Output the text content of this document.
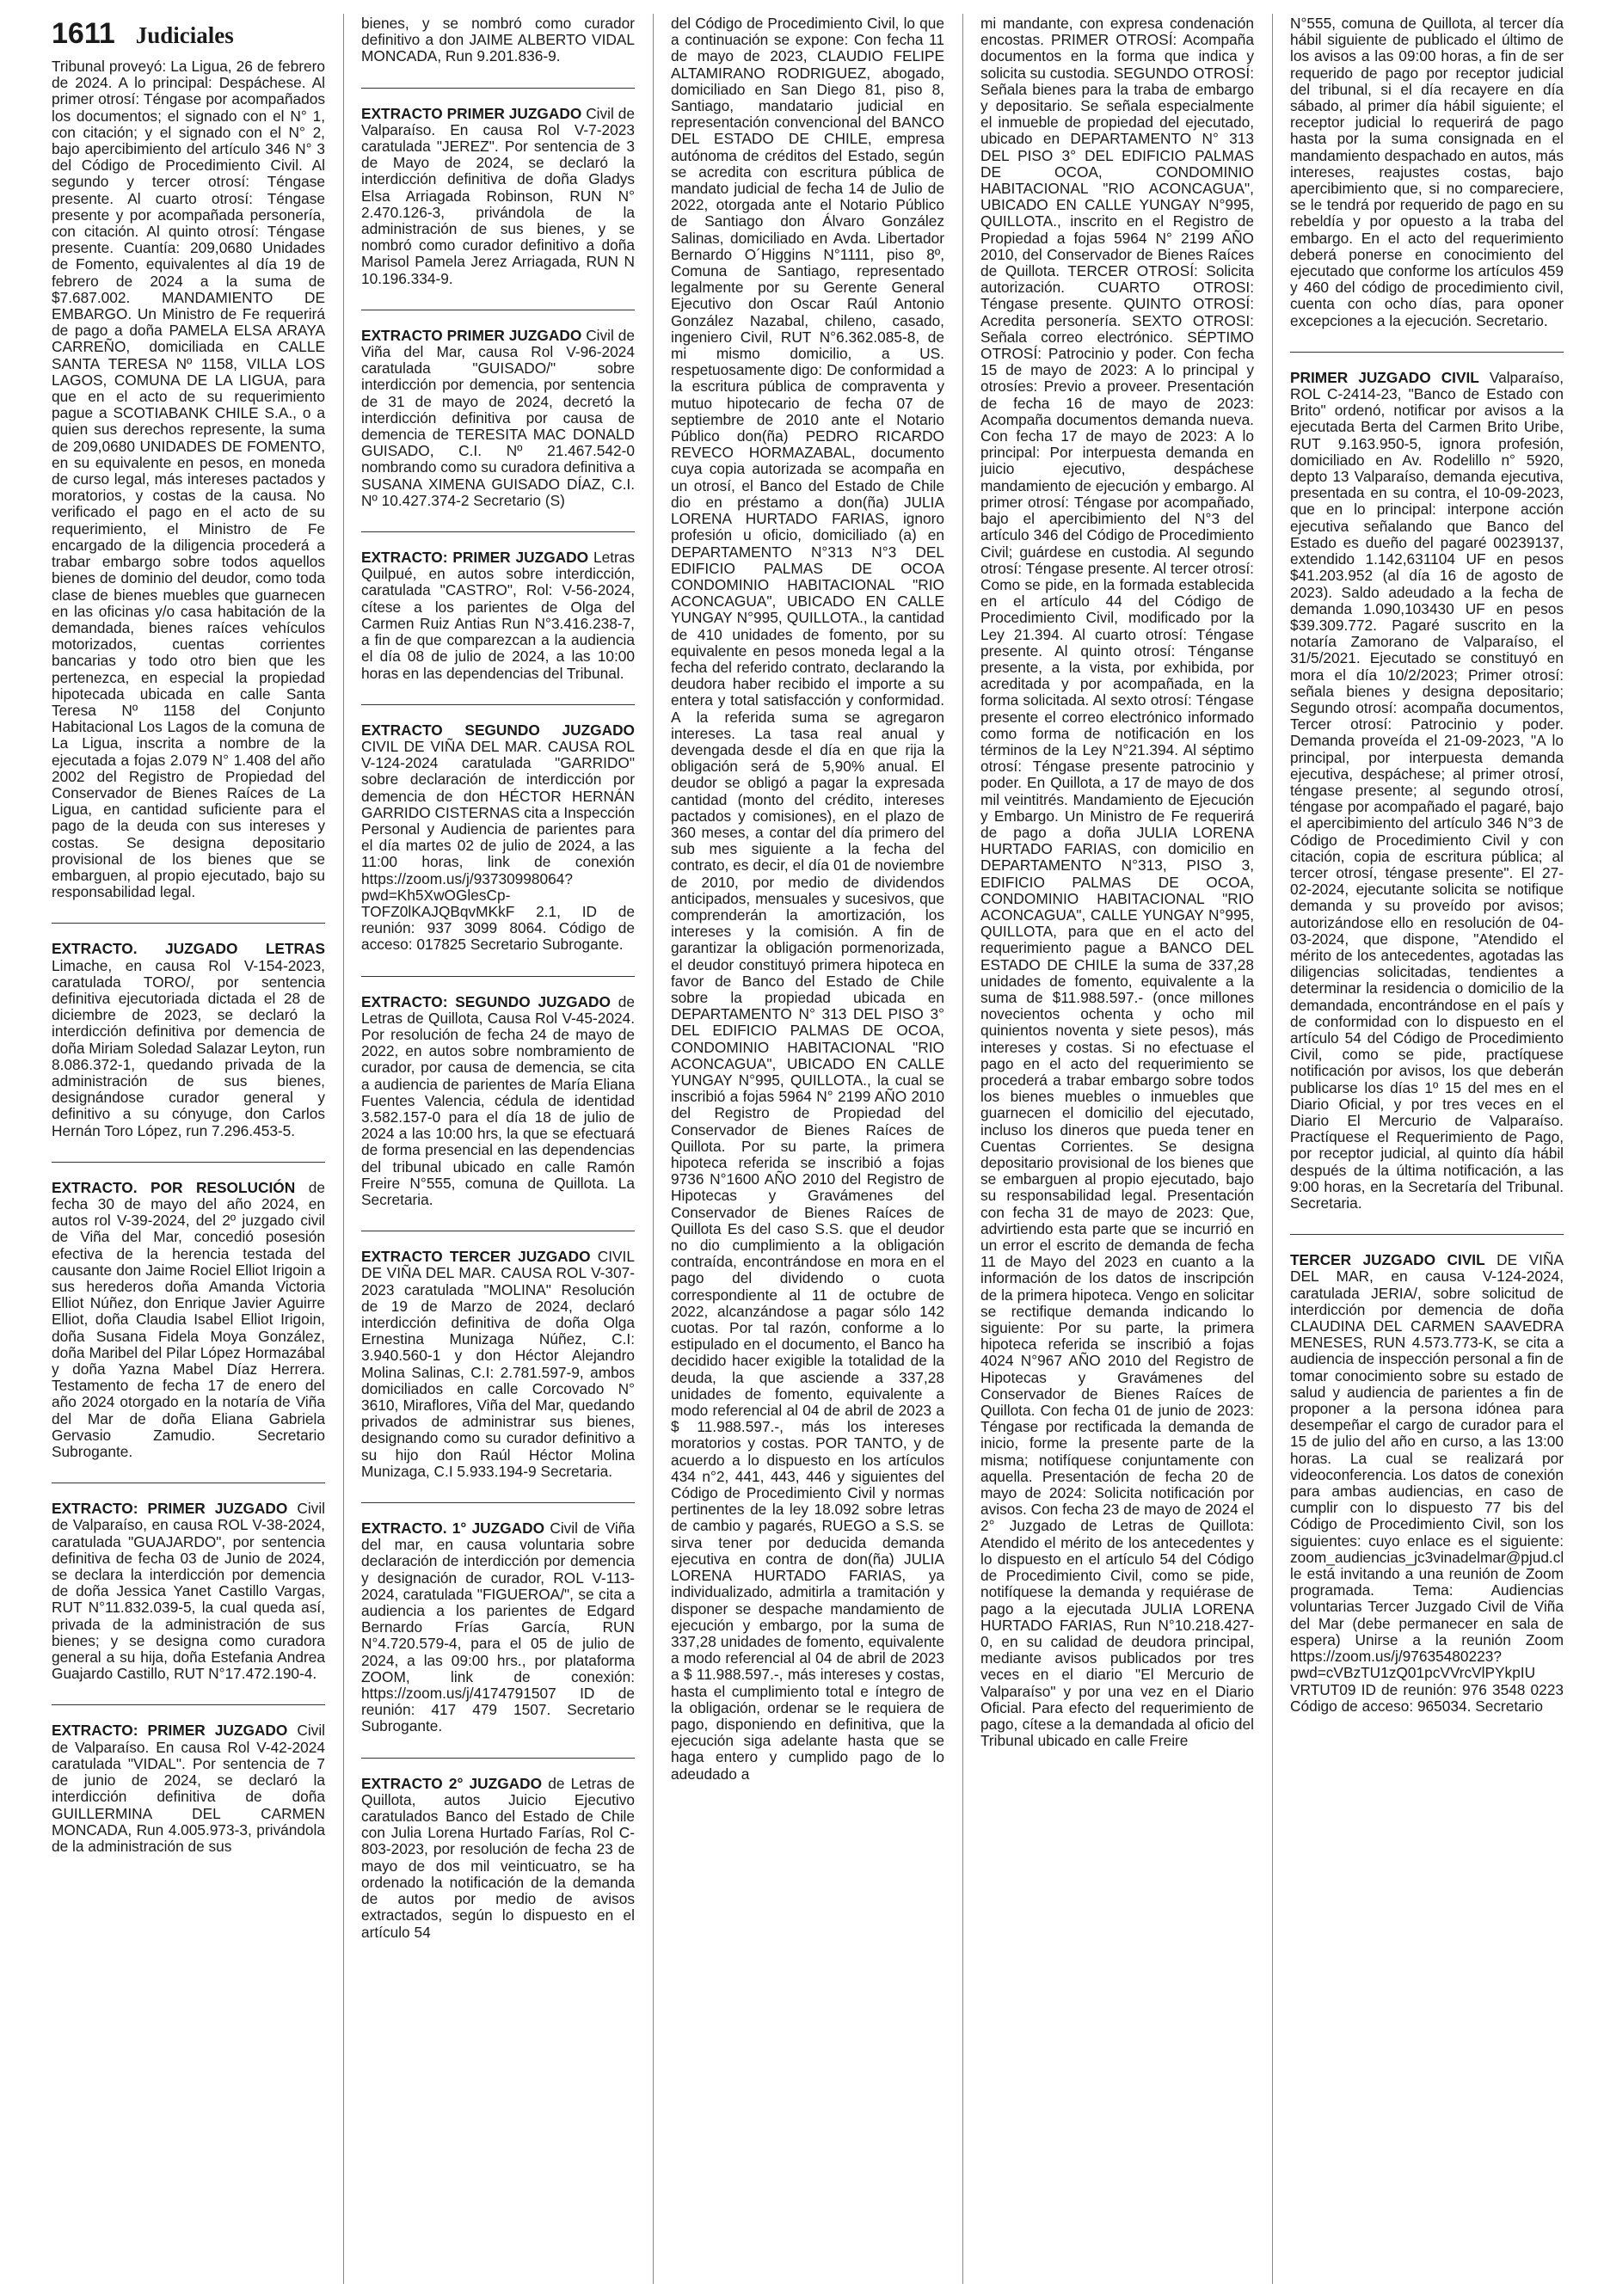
1611 Judiciales

Tribunal proveyó: La Ligua, 26 de febrero de 2024. A lo principal: Despáchese. Al primer otrosí: Téngase por acompañados los documentos; el signado con el N° 1, con citación; y el signado con el N° 2, bajo apercibimiento del artículo 346 N° 3 del Código de Procedimiento Civil. Al segundo y tercer otrosí: Téngase presente. Al cuarto otrosí: Téngase presente y por acompañada personería, con citación. Al quinto otrosí: Téngase presente. Cuantía: 209,0680 Unidades de Fomento, equivalentes al día 19 de febrero de 2024 a la suma de $7.687.002. MANDAMIENTO DE EMBARGO. Un Ministro de Fe requerirá de pago a doña PAMELA ELSA ARAYA CARREÑO, domiciliada en CALLE SANTA TERESA Nº 1158, VILLA LOS LAGOS, COMUNA DE LA LIGUA, para que en el acto de su requerimiento pague a SCOTIABANK CHILE S.A., o a quien sus derechos represente, la suma de 209,0680 UNIDADES DE FOMENTO, en su equivalente en pesos, en moneda de curso legal, más intereses pactados y moratorios, y costas de la causa. No verificado el pago en el acto de su requerimiento, el Ministro de Fe encargado de la diligencia procederá a trabar embargo sobre todos aquellos bienes de dominio del deudor, como toda clase de bienes muebles que guarnecen en las oficinas y/o casa habitación de la demandada, bienes raíces vehículos motorizados, cuentas corrientes bancarias y todo otro bien que les pertenezca, en especial la propiedad hipotecada ubicada en calle Santa Teresa Nº 1158 del Conjunto Habitacional Los Lagos de la comuna de La Ligua, inscrita a nombre de la ejecutada a fojas 2.079 N° 1.408 del año 2002 del Registro de Propiedad del Conservador de Bienes Raíces de La Ligua, en cantidad suficiente para el pago de la deuda con sus intereses y costas. Se designa depositario provisional de los bienes que se embarguen, al propio ejecutado, bajo su responsabilidad legal.

EXTRACTO. JUZGADO LETRAS Limache, en causa Rol V-154-2023, caratulada TORO/, por sentencia definitiva ejecutoriada dictada el 28 de diciembre de 2023, se declaró la interdicción definitiva por demencia de doña Miriam Soledad Salazar Leyton, run 8.086.372-1, quedando privada de la administración de sus bienes, designándose curador general y definitivo a su cónyuge, don Carlos Hernán Toro López, run 7.296.453-5.

EXTRACTO. POR RESOLUCIÓN de fecha 30 de mayo del año 2024, en autos rol V-39-2024, del 2º juzgado civil de Viña del Mar, concedió posesión efectiva de la herencia testada del causante don Jaime Rociel Elliot Irigoin a sus herederos doña Amanda Victoria Elliot Núñez, don Enrique Javier Aguirre Elliot, doña Claudia Isabel Elliot Irigoin, doña Susana Fidela Moya González, doña Maribel del Pilar López Hormazábal y doña Yazna Mabel Díaz Herrera. Testamento de fecha 17 de enero del año 2024 otorgado en la notaría de Viña del Mar de doña Eliana Gabriela Gervasio Zamudio. Secretario Subrogante.

EXTRACTO: PRIMER JUZGADO Civil de Valparaíso, en causa ROL V-38-2024, caratulada "GUAJARDO", por sentencia definitiva de fecha 03 de Junio de 2024, se declara la interdicción por demencia de doña Jessica Yanet Castillo Vargas, RUT N°11.832.039-5, la cual queda así, privada de la administración de sus bienes; y se designa como curadora general a su hija, doña Estefania Andrea Guajardo Castillo, RUT N°17.472.190-4.

EXTRACTO: PRIMER JUZGADO Civil de Valparaíso. En causa Rol V-42-2024 caratulada "VIDAL". Por sentencia de 7 de junio de 2024, se declaró la interdicción definitiva de doña GUILLERMINA DEL CARMEN MONCADA, Run 4.005.973-3, privándola de la administración de sus

bienes, y se nombró como curador definitivo a don JAIME ALBERTO VIDAL MONCADA, Run 9.201.836-9.

EXTRACTO PRIMER JUZGADO Civil de Valparaíso. En causa Rol V-7-2023 caratulada "JEREZ". Por sentencia de 3 de Mayo de 2024, se declaró la interdicción definitiva de doña Gladys Elsa Arriagada Robinson, RUN N° 2.470.126-3, privándola de la administración de sus bienes, y se nombró como curador definitivo a doña Marisol Pamela Jerez Arriagada, RUN N 10.196.334-9.

EXTRACTO PRIMER JUZGADO Civil de Viña del Mar, causa Rol V-96-2024 caratulada "GUISADO/" sobre interdicción por demencia, por sentencia de 31 de mayo de 2024, decretó la interdicción definitiva por causa de demencia de TERESITA MAC DONALD GUISADO, C.I. Nº 21.467.542-0 nombrando como su curadora definitiva a SUSANA XIMENA GUISADO DÍAZ, C.I. Nº 10.427.374-2 Secretario (S)

EXTRACTO: PRIMER JUZGADO Letras Quilpué, en autos sobre interdicción, caratulada "CASTRO", Rol: V-56-2024, cítese a los parientes de Olga del Carmen Ruiz Antias Run N°3.416.238-7, a fin de que comparezcan a la audiencia el día 08 de julio de 2024, a las 10:00 horas en las dependencias del Tribunal.

EXTRACTO SEGUNDO JUZGADO CIVIL DE VIÑA DEL MAR. CAUSA ROL V-124-2024 caratulada "GARRIDO" sobre declaración de interdicción por demencia de don HÉCTOR HERNÁN GARRIDO CISTERNAS cita a Inspección Personal y Audiencia de parientes para el día martes 02 de julio de 2024, a las 11:00 horas, link de conexión https://zoom.us/j/93730998064?pwd=Kh5XwOGlesCp-TOFZ0lKAJQBqvMKkF 2.1, ID de reunión: 937 3099 8064. Código de acceso: 017825 Secretario Subrogante.

EXTRACTO: SEGUNDO JUZGADO de Letras de Quillota, Causa Rol V-45-2024. Por resolución de fecha 24 de mayo de 2022, en autos sobre nombramiento de curador, por causa de demencia, se cita a audiencia de parientes de María Eliana Fuentes Valencia, cédula de identidad 3.582.157-0 para el día 18 de julio de 2024 a las 10:00 hrs, la que se efectuará de forma presencial en las dependencias del tribunal ubicado en calle Ramón Freire N°555, comuna de Quillota. La Secretaria.

EXTRACTO TERCER JUZGADO CIVIL DE VIÑA DEL MAR. CAUSA ROL V-307-2023 caratulada "MOLINA" Resolución de 19 de Marzo de 2024, declaró interdicción definitiva de doña Olga Ernestina Munizaga Núñez, C.I: 3.940.560-1 y don Héctor Alejandro Molina Salinas, C.I: 2.781.597-9, ambos domiciliados en calle Corcovado N° 3610, Miraflores, Viña del Mar, quedando privados de administrar sus bienes, designando como su curador definitivo a su hijo don Raúl Héctor Molina Munizaga, C.I 5.933.194-9 Secretaria.

EXTRACTO. 1° JUZGADO Civil de Viña del mar, en causa voluntaria sobre declaración de interdicción por demencia y designación de curador, ROL V-113-2024, caratulada "FIGUEROA/", se cita a audiencia a los parientes de Edgard Bernardo Frías García, RUN N°4.720.579-4, para el 05 de julio de 2024, a las 09:00 hrs., por plataforma ZOOM, link de conexión: https://zoom.us/j/4174791507 ID de reunión: 417 479 1507. Secretario Subrogante.

EXTRACTO 2° JUZGADO de Letras de Quillota, autos Juicio Ejecutivo caratulados Banco del Estado de Chile con Julia Lorena Hurtado Farías, Rol C-803-2023, por resolución de fecha 23 de mayo de dos mil veinticuatro, se ha ordenado la notificación de la demanda de autos por medio de avisos extractados, según lo dispuesto en el artículo 54

del Código de Procedimiento Civil, lo que a continuación se expone: Con fecha 11 de mayo de 2023, CLAUDIO FELIPE ALTAMIRANO RODRIGUEZ, abogado, domiciliado en San Diego 81, piso 8, Santiago, mandatario judicial en representación convencional del BANCO DEL ESTADO DE CHILE, empresa autónoma de créditos del Estado, según se acredita con escritura pública de mandato judicial de fecha 14 de Julio de 2022, otorgada ante el Notario Público de Santiago don Álvaro González Salinas, domiciliado en Avda. Libertador Bernardo O´Higgins N°1111, piso 8º, Comuna de Santiago, representado legalmente por su Gerente General Ejecutivo don Oscar Raúl Antonio González Nazabal, chileno, casado, ingeniero Civil, RUT N°6.362.085-8, de mi mismo domicilio, a US. respetuosamente digo: De conformidad a la escritura pública de compraventa y mutuo hipotecario de fecha 07 de septiembre de 2010 ante el Notario Público don(ña) PEDRO RICARDO REVECO HORMAZABAL, documento cuya copia autorizada se acompaña en un otrosí, el Banco del Estado de Chile dio en préstamo a don(ña) JULIA LORENA HURTADO FARIAS, ignoro profesión u oficio, domiciliado (a) en DEPARTAMENTO N°313 N°3 DEL EDIFICIO PALMAS DE OCOA CONDOMINIO HABITACIONAL "RIO ACONCAGUA", UBICADO EN CALLE YUNGAY N°995, QUILLOTA., la cantidad de 410 unidades de fomento, por su equivalente en pesos moneda legal a la fecha del referido contrato, declarando la deudora haber recibido el importe a su entera y total satisfacción y conformidad. A la referida suma se agregaron intereses. La tasa real anual y devengada desde el día en que rija la obligación será de 5,90% anual. El deudor se obligó a pagar la expresada cantidad (monto del crédito, intereses pactados y comisiones), en el plazo de 360 meses, a contar del día primero del sub mes siguiente a la fecha del contrato, es decir, el día 01 de noviembre de 2010, por medio de dividendos anticipados, mensuales y sucesivos, que comprenderán la amortización, los intereses y la comisión. A fin de garantizar la obligación pormenorizada, el deudor constituyó primera hipoteca en favor de Banco del Estado de Chile sobre la propiedad ubicada en DEPARTAMENTO N° 313 DEL PISO 3° DEL EDIFICIO PALMAS DE OCOA, CONDOMINIO HABITACIONAL "RIO ACONCAGUA", UBICADO EN CALLE YUNGAY N°995, QUILLOTA., la cual se inscribió a fojas 5964 N° 2199 AÑO 2010 del Registro de Propiedad del Conservador de Bienes Raíces de Quillota. Por su parte, la primera hipoteca referida se inscribió a fojas 9736 N°1600 AÑO 2010 del Registro de Hipotecas y Gravámenes del Conservador de Bienes Raíces de Quillota Es del caso S.S. que el deudor no dio cumplimiento a la obligación contraída, encontrándose en mora en el pago del dividendo o cuota correspondiente al 11 de octubre de 2022, alcanzándose a pagar sólo 142 cuotas. Por tal razón, conforme a lo estipulado en el documento, el Banco ha decidido hacer exigible la totalidad de la deuda, la que asciende a 337,28 unidades de fomento, equivalente a modo referencial al 04 de abril de 2023 a $ 11.988.597.-, más los intereses moratorios y costas. POR TANTO, y de acuerdo a lo dispuesto en los artículos 434 n°2, 441, 443, 446 y siguientes del Código de Procedimiento Civil y normas pertinentes de la ley 18.092 sobre letras de cambio y pagarés, RUEGO a S.S. se sirva tener por deducida demanda ejecutiva en contra de don(ña) JULIA LORENA HURTADO FARIAS, ya individualizado, admitirla a tramitación y disponer se despache mandamiento de ejecución y embargo, por la suma de 337,28 unidades de fomento, equivalente a modo referencial al 04 de abril de 2023 a $ 11.988.597.-, más intereses y costas, hasta el cumplimiento total e íntegro de la obligación, ordenar se le requiera de pago, disponiendo en definitiva, que la ejecución siga adelante hasta que se haga entero y cumplido pago de lo adeudado a

mi mandante, con expresa condenación encostas. PRIMER OTROSÍ: Acompaña documentos en la forma que indica y solicita su custodia. SEGUNDO OTROSÍ: Señala bienes para la traba de embargo y depositario. Se señala especialmente el inmueble de propiedad del ejecutado, ubicado en DEPARTAMENTO N° 313 DEL PISO 3° DEL EDIFICIO PALMAS DE OCOA, CONDOMINIO HABITACIONAL "RIO ACONCAGUA", UBICADO EN CALLE YUNGAY N°995, QUILLOTA., inscrito en el Registro de Propiedad a fojas 5964 N° 2199 AÑO 2010, del Conservador de Bienes Raíces de Quillota. TERCER OTROSÍ: Solicita autorización. CUARTO OTROSI: Téngase presente. QUINTO OTROSÍ: Acredita personería. SEXTO OTROSI: Señala correo electrónico. SÉPTIMO OTROSÍ: Patrocinio y poder. Con fecha 15 de mayo de 2023: A lo principal y otrosíes: Previo a proveer. Presentación de fecha 16 de mayo de 2023: Acompaña documentos demanda nueva. Con fecha 17 de mayo de 2023: A lo principal: Por interpuesta demanda en juicio ejecutivo, despáchese mandamiento de ejecución y embargo. Al primer otrosí: Téngase por acompañado, bajo el apercibimiento del N°3 del artículo 346 del Código de Procedimiento Civil; guárdese en custodia. Al segundo otrosí: Téngase presente. Al tercer otrosí: Como se pide, en la formada establecida en el artículo 44 del Código de Procedimiento Civil, modificado por la Ley 21.394. Al cuarto otrosí: Téngase presente. Al quinto otrosí: Ténganse presente, a la vista, por exhibida, por acreditada y por acompañada, en la forma solicitada. Al sexto otrosí: Téngase presente el correo electrónico informado como forma de notificación en los términos de la Ley N°21.394. Al séptimo otrosí: Téngase presente patrocinio y poder. En Quillota, a 17 de mayo de dos mil veintitrés. Mandamiento de Ejecución y Embargo. Un Ministro de Fe requerirá de pago a doña JULIA LORENA HURTADO FARIAS, con domicilio en DEPARTAMENTO N°313, PISO 3, EDIFICIO PALMAS DE OCOA, CONDOMINIO HABITACIONAL "RIO ACONCAGUA", CALLE YUNGAY N°995, QUILLOTA, para que en el acto del requerimiento pague a BANCO DEL ESTADO DE CHILE la suma de 337,28 unidades de fomento, equivalente a la suma de $11.988.597.- (once millones novecientos ochenta y ocho mil quinientos noventa y siete pesos), más intereses y costas. Si no efectuase el pago en el acto del requerimiento se procederá a trabar embargo sobre todos los bienes muebles o inmuebles que guarnecen el domicilio del ejecutado, incluso los dineros que pueda tener en Cuentas Corrientes. Se designa depositario provisional de los bienes que se embarguen al propio ejecutado, bajo su responsabilidad legal. Presentación con fecha 31 de mayo de 2023: Que, advirtiendo esta parte que se incurrió en un error el escrito de demanda de fecha 11 de Mayo del 2023 en cuanto a la información de los datos de inscripción de la primera hipoteca. Vengo en solicitar se rectifique demanda indicando lo siguiente: Por su parte, la primera hipoteca referida se inscribió a fojas 4024 N°967 AÑO 2010 del Registro de Hipotecas y Gravámenes del Conservador de Bienes Raíces de Quillota. Con fecha 01 de junio de 2023: Téngase por rectificada la demanda de inicio, forme la presente parte de la misma; notifíquese conjuntamente con aquella. Presentación de fecha 20 de mayo de 2024: Solicita notificación por avisos. Con fecha 23 de mayo de 2024 el 2° Juzgado de Letras de Quillota: Atendido el mérito de los antecedentes y lo dispuesto en el artículo 54 del Código de Procedimiento Civil, como se pide, notifíquese la demanda y requiérase de pago a la ejecutada JULIA LORENA HURTADO FARIAS, Run N°10.218.427-0, en su calidad de deudora principal, mediante avisos publicados por tres veces en el diario "El Mercurio de Valparaíso" y por una vez en el Diario Oficial. Para efecto del requerimiento de pago, cítese a la demandada al oficio del Tribunal ubicado en calle Freire

N°555, comuna de Quillota, al tercer día hábil siguiente de publicado el último de los avisos a las 09:00 horas, a fin de ser requerido de pago por receptor judicial del tribunal, si el día recayere en día sábado, al primer día hábil siguiente; el receptor judicial lo requerirá de pago hasta por la suma consignada en el mandamiento despachado en autos, más intereses, reajustes costas, bajo apercibimiento que, si no compareciere, se le tendrá por requerido de pago en su rebeldía y por opuesto a la traba del embargo. En el acto del requerimiento deberá ponerse en conocimiento del ejecutado que conforme los artículos 459 y 460 del código de procedimiento civil, cuenta con ocho días, para oponer excepciones a la ejecución. Secretario.

PRIMER JUZGADO CIVIL Valparaíso, ROL C-2414-23, "Banco de Estado con Brito" ordenó, notificar por avisos a la ejecutada Berta del Carmen Brito Uribe, RUT 9.163.950-5, ignora profesión, domiciliado en Av. Rodelillo n° 5920, depto 13 Valparaíso, demanda ejecutiva, presentada en su contra, el 10-09-2023, que en lo principal: interpone acción ejecutiva señalando que Banco del Estado es dueño del pagaré 00239137, extendido 1.142,631104 UF en pesos $41.203.952 (al día 16 de agosto de 2023). Saldo adeudado a la fecha de demanda 1.090,103430 UF en pesos $39.309.772. Pagaré suscrito en la notaría Zamorano de Valparaíso, el 31/5/2021. Ejecutado se constituyó en mora el día 10/2/2023; Primer otrosí: señala bienes y designa depositario; Segundo otrosí: acompaña documentos, Tercer otrosí: Patrocinio y poder. Demanda proveída el 21-09-2023, "A lo principal, por interpuesta demanda ejecutiva, despáchese; al primer otrosí, téngase presente; al segundo otrosí, téngase por acompañado el pagaré, bajo el apercibimiento del artículo 346 N°3 de Código de Procedimiento Civil y con citación, copia de escritura pública; al tercer otrosí, téngase presente". El 27-02-2024, ejecutante solicita se notifique demanda y su proveído por avisos; autorizándose ello en resolución de 04-03-2024, que dispone, "Atendido el mérito de los antecedentes, agotadas las diligencias solicitadas, tendientes a determinar la residencia o domicilio de la demandada, encontrándose en el país y de conformidad con lo dispuesto en el artículo 54 del Código de Procedimiento Civil, como se pide, practíquese notificación por avisos, los que deberán publicarse los días 1º 15 del mes en el Diario Oficial, y por tres veces en el Diario El Mercurio de Valparaíso. Practíquese el Requerimiento de Pago, por receptor judicial, al quinto día hábil después de la última notificación, a las 9:00 horas, en la Secretaría del Tribunal. Secretaria.

TERCER JUZGADO CIVIL DE VIÑA DEL MAR, en causa V-124-2024, caratulada JERIA/, sobre solicitud de interdicción por demencia de doña CLAUDINA DEL CARMEN SAAVEDRA MENESES, RUN 4.573.773-K, se cita a audiencia de inspección personal a fin de tomar conocimiento sobre su estado de salud y audiencia de parientes a fin de proponer a la persona idónea para desempeñar el cargo de curador para el 15 de julio del año en curso, a las 13:00 horas. La cual se realizará por videoconferencia. Los datos de conexión para ambas audiencias, en caso de cumplir con lo dispuesto 77 bis del Código de Procedimiento Civil, son los siguientes: cuyo enlace es el siguiente: zoom_audiencias_jc3vinadelmar@pjud.cl le está invitando a una reunión de Zoom programada. Tema: Audiencias voluntarias Tercer Juzgado Civil de Viña del Mar (debe permanecer en sala de espera) Unirse a la reunión Zoom https://zoom.us/j/97635480223?pwd=cVBzTU1zQ01pcVVrcVlPYkpIU VRTUT09 ID de reunión: 976 3548 0223 Código de acceso: 965034. Secretario
